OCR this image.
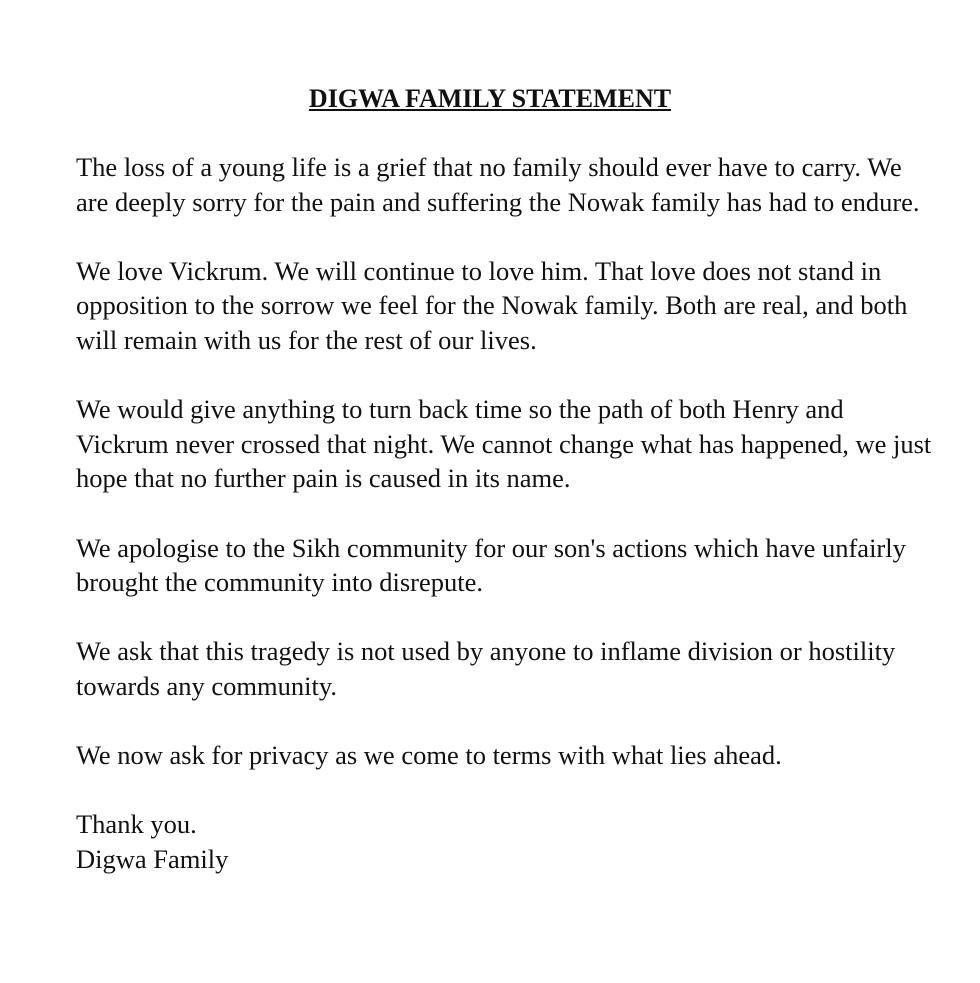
DIGWA FAMILY STATEMENT

The loss of a young life is a grief that no family should ever have to carry. We are deeply sorry for the pain and suffering the Nowak family has had to endure.

We love Vickrum. We will continue to love him. That love does not stand in opposition to the sorrow we feel for the Nowak family. Both are real, and both will remain with us for the rest of our lives.

We would give anything to turn back time so the path of both Henry and Vickrum never crossed that night. We cannot change what has happened, we just hope that no further pain is caused in its name.

We apologise to the Sikh community for our son's actions which have unfairly brought the community into disrepute.

We ask that this tragedy is not used by anyone to inflame division or hostility towards any community.

We now ask for privacy as we come to terms with what lies ahead.

Thank you.
Digwa Family
